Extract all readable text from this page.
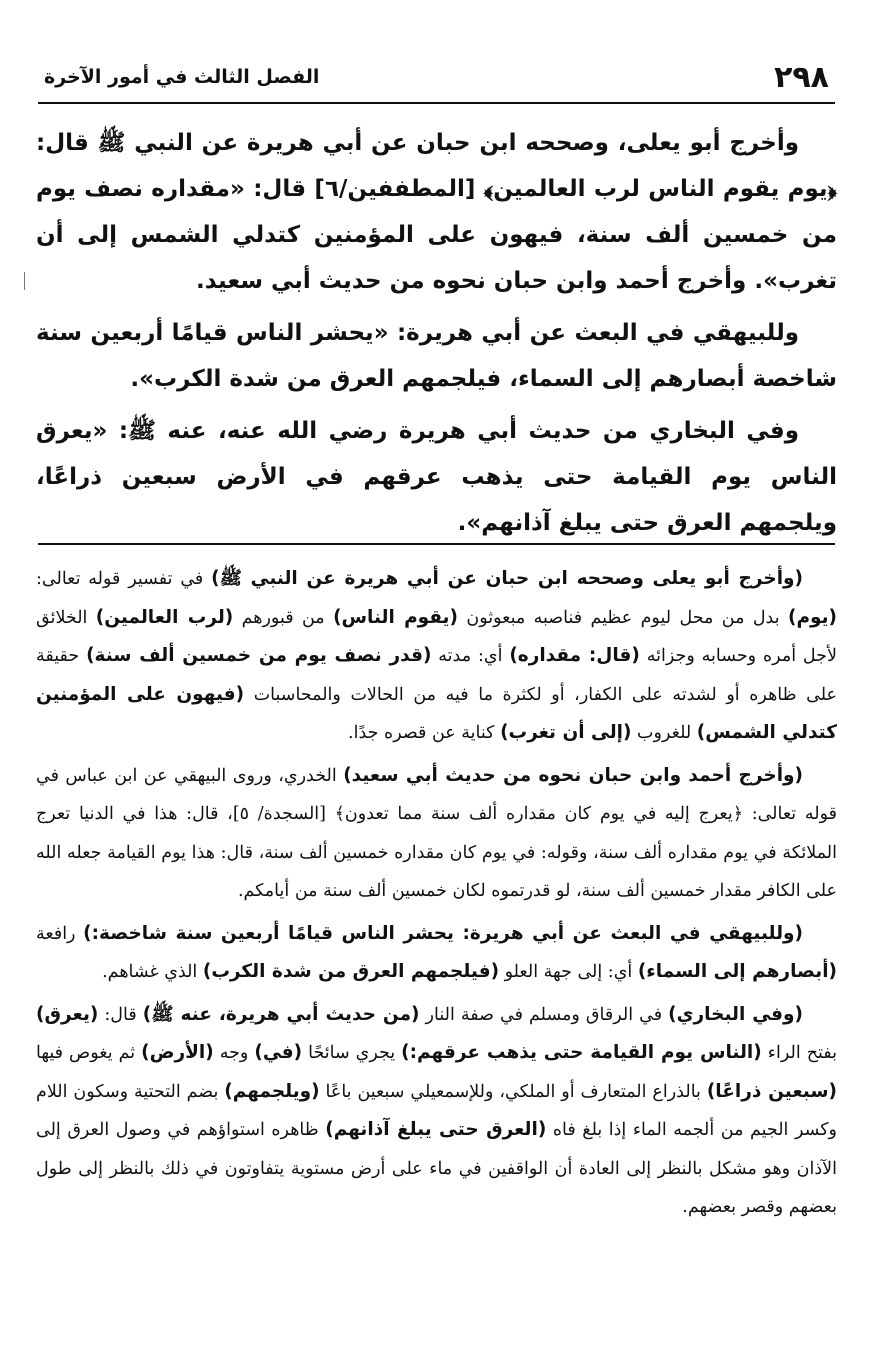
٢٩٨
الفصل الثالث في أمور الآخرة

وأخرج أبو يعلى، وصححه ابن حبان عن أبي هريرة عن النبي ﷺ قال: ﴿يوم يقوم الناس لرب العالمين﴾ [المطففين/٦] قال: «مقداره نصف يوم من خمسين ألف سنة، فيهون على المؤمنين كتدلي الشمس إلى أن تغرب». وأخرج أحمد وابن حبان نحوه من حديث أبي سعيد.

وللبيهقي في البعث عن أبي هريرة: «يحشر الناس قيامًا أربعين سنة شاخصة أبصارهم إلى السماء، فيلجمهم العرق من شدة الكرب».

وفي البخاري من حديث أبي هريرة رضي الله عنه، عنه ﷺ: «يعرق الناس يوم القيامة حتى يذهب عرقهم في الأرض سبعين ذراعًا، ويلجمهم العرق حتى يبلغ آذانهم».

(وأخرج أبو يعلى وصححه ابن حبان عن أبي هريرة عن النبي ﷺ) في تفسير قوله تعالى: (يوم) بدل من محل ليوم عظيم فناصبه مبعوثون (يقوم الناس) من قبورهم (لرب العالمين) الخلائق لأجل أمره وحسابه وجزائه (قال: مقداره) أي: مدته (قدر نصف يوم من خمسين ألف سنة) حقيقة على ظاهره أو لشدته على الكفار، أو لكثرة ما فيه من الحالات والمحاسبات (فيهون على المؤمنين كتدلي الشمس) للغروب (إلى أن تغرب) كناية عن قصره جدًا.

(وأخرج أحمد وابن حبان نحوه من حديث أبي سعيد) الخدري، وروى البيهقي عن ابن عباس في قوله تعالى: ﴿يعرج إليه في يوم كان مقداره ألف سنة مما تعدون﴾ [السجدة/ ٥]، قال: هذا في الدنيا تعرج الملائكة في يوم مقداره ألف سنة، وقوله: في يوم كان مقداره خمسين ألف سنة، قال: هذا يوم القيامة جعله الله على الكافر مقدار خمسين ألف سنة، لو قدرتموه لكان خمسين ألف سنة من أيامكم.

(وللبيهقي في البعث عن أبي هريرة: يحشر الناس قيامًا أربعين سنة شاخصة:) رافعة (أبصارهم إلى السماء) أي: إلى جهة العلو (فيلجمهم العرق من شدة الكرب) الذي غشاهم.

(وفي البخاري) في الرقاق ومسلم في صفة النار (من حديث أبي هريرة، عنه ﷺ) قال: (يعرق) بفتح الراء (الناس يوم القيامة حتى يذهب عرقهم:) يجري سائحًا (في) وجه (الأرض) ثم يغوص فيها (سبعين ذراعًا) بالذراع المتعارف أو الملكي، وللإسمعيلي سبعين باعًا (ويلجمهم) بضم التحتية وسكون اللام وكسر الجيم من ألجمه الماء إذا بلغ فاه (العرق حتى يبلغ آذانهم) ظاهره استواؤهم في وصول العرق إلى الآذان وهو مشكل بالنظر إلى العادة أن الواقفين في ماء على أرض مستوية يتفاوتون في ذلك بالنظر إلى طول بعضهم وقصر بعضهم.
